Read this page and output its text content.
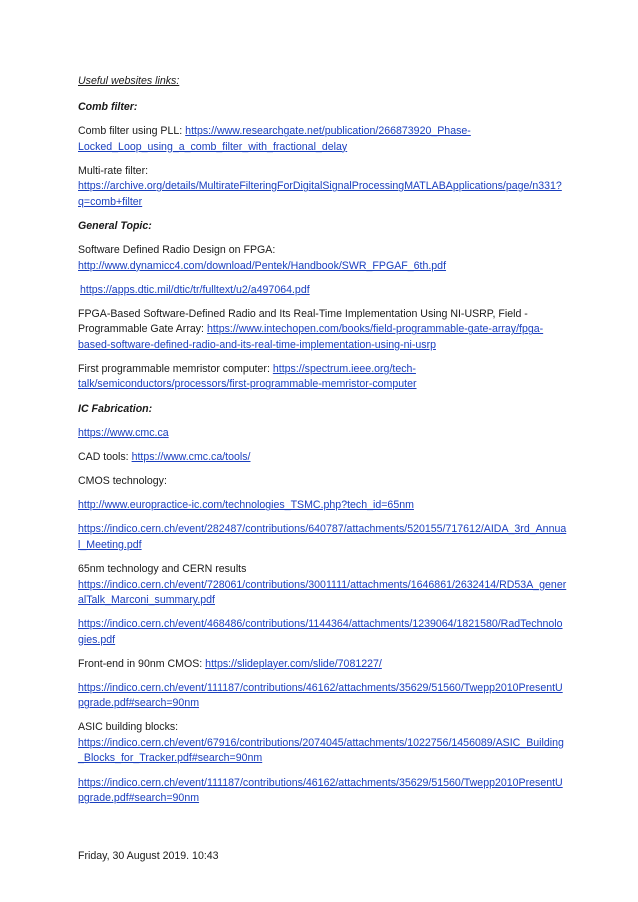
Useful websites links:

Comb filter:

Comb filter using PLL: https://www.researchgate.net/publication/266873920_Phase-Locked_Loop_using_a_comb_filter_with_fractional_delay

Multi-rate filter:
https://archive.org/details/MultirateFilteringForDigitalSignalProcessingMATLABApplications/page/n331?q=comb+filter

General Topic:

Software Defined Radio Design on FPGA:
http://www.dynamicc4.com/download/Pentek/Handbook/SWR_FPGAF_6th.pdf

https://apps.dtic.mil/dtic/tr/fulltext/u2/a497064.pdf

FPGA-Based Software-Defined Radio and Its Real-Time Implementation Using NI-USRP, Field -Programmable Gate Array: https://www.intechopen.com/books/field-programmable-gate-array/fpga-based-software-defined-radio-and-its-real-time-implementation-using-ni-usrp

First programmable memristor computer: https://spectrum.ieee.org/tech-talk/semiconductors/processors/first-programmable-memristor-computer

IC Fabrication:

https://www.cmc.ca

CAD tools: https://www.cmc.ca/tools/

CMOS technology:

http://www.europractice-ic.com/technologies_TSMC.php?tech_id=65nm

https://indico.cern.ch/event/282487/contributions/640787/attachments/520155/717612/AIDA_3rd_Annual_Meeting.pdf

65nm technology and CERN results
https://indico.cern.ch/event/728061/contributions/3001111/attachments/1646861/2632414/RD53A_generalTalk_Marconi_summary.pdf

https://indico.cern.ch/event/468486/contributions/1144364/attachments/1239064/1821580/RadTechnologies.pdf

Front-end in 90nm CMOS: https://slideplayer.com/slide/7081227/

https://indico.cern.ch/event/111187/contributions/46162/attachments/35629/51560/Twepp2010PresentUpgrade.pdf#search=90nm

ASIC building blocks:
https://indico.cern.ch/event/67916/contributions/2074045/attachments/1022756/1456089/ASIC_Building_Blocks_for_Tracker.pdf#search=90nm

https://indico.cern.ch/event/111187/contributions/46162/attachments/35629/51560/Twepp2010PresentUpgrade.pdf#search=90nm

Friday, 30 August 2019. 10:43
